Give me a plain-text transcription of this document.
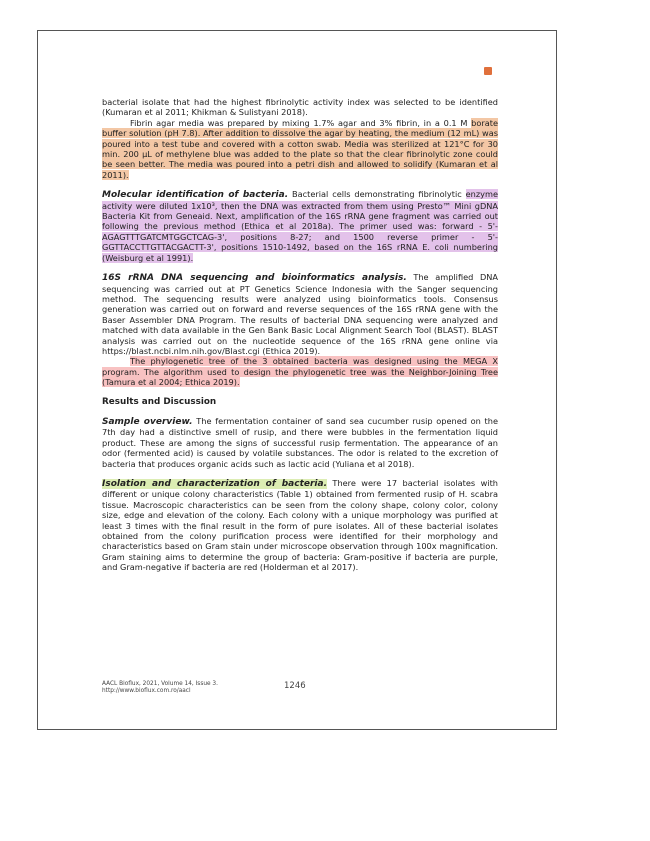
bacterial isolate that had the highest fibrinolytic activity index was selected to be identified (Kumaran et al 2011; Khikman & Sulistyani 2018).

Fibrin agar media was prepared by mixing 1.7% agar and 3% fibrin, in a 0.1 M borate buffer solution (pH 7.8). After addition to dissolve the agar by heating, the medium (12 mL) was poured into a test tube and covered with a cotton swab. Media was sterilized at 121°C for 30 min. 200 μL of methylene blue was added to the plate so that the clear fibrinolytic zone could be seen better. The media was poured into a petri dish and allowed to solidify (Kumaran et al 2011).

Molecular identification of bacteria. Bacterial cells demonstrating fibrinolytic enzyme activity were diluted 1x10³, then the DNA was extracted from them using Presto™ Mini gDNA Bacteria Kit from Geneaid. Next, amplification of the 16S rRNA gene fragment was carried out following the previous method (Ethica et al 2018a). The primer used was: forward - 5'-AGAGTTTGATCMTGGCTCAG-3', positions 8-27; and 1500 reverse primer - 5'-GGTTACCTTGTTACGACTT-3', positions 1510-1492, based on the 16S rRNA E. coli numbering (Weisburg et al 1991).

16S rRNA DNA sequencing and bioinformatics analysis. The amplified DNA sequencing was carried out at PT Genetics Science Indonesia with the Sanger sequencing method. The sequencing results were analyzed using bioinformatics tools. Consensus generation was carried out on forward and reverse sequences of the 16S rRNA gene with the Baser Assembler DNA Program. The results of bacterial DNA sequencing were analyzed and matched with data available in the Gen Bank Basic Local Alignment Search Tool (BLAST). BLAST analysis was carried out on the nucleotide sequence of the 16S rRNA gene online via https://blast.ncbi.nlm.nih.gov/Blast.cgi (Ethica 2019).

The phylogenetic tree of the 3 obtained bacteria was designed using the MEGA X program. The algorithm used to design the phylogenetic tree was the Neighbor-Joining Tree (Tamura et al 2004; Ethica 2019).

Results and Discussion

Sample overview. The fermentation container of sand sea cucumber rusip opened on the 7th day had a distinctive smell of rusip, and there were bubbles in the fermentation liquid product. These are among the signs of successful rusip fermentation. The appearance of an odor (fermented acid) is caused by volatile substances. The odor is related to the excretion of bacteria that produces organic acids such as lactic acid (Yuliana et al 2018).

Isolation and characterization of bacteria. There were 17 bacterial isolates with different or unique colony characteristics (Table 1) obtained from fermented rusip of H. scabra tissue. Macroscopic characteristics can be seen from the colony shape, colony color, colony size, edge and elevation of the colony. Each colony with a unique morphology was purified at least 3 times with the final result in the form of pure isolates. All of these bacterial isolates obtained from the colony purification process were identified for their morphology and characteristics based on Gram stain under microscope observation through 100x magnification. Gram staining aims to determine the group of bacteria: Gram-positive if bacteria are purple, and Gram-negative if bacteria are red (Holderman et al 2017).

AACL Bioflux, 2021, Volume 14, Issue 3.
http://www.bioflux.com.ro/aacl
1246
